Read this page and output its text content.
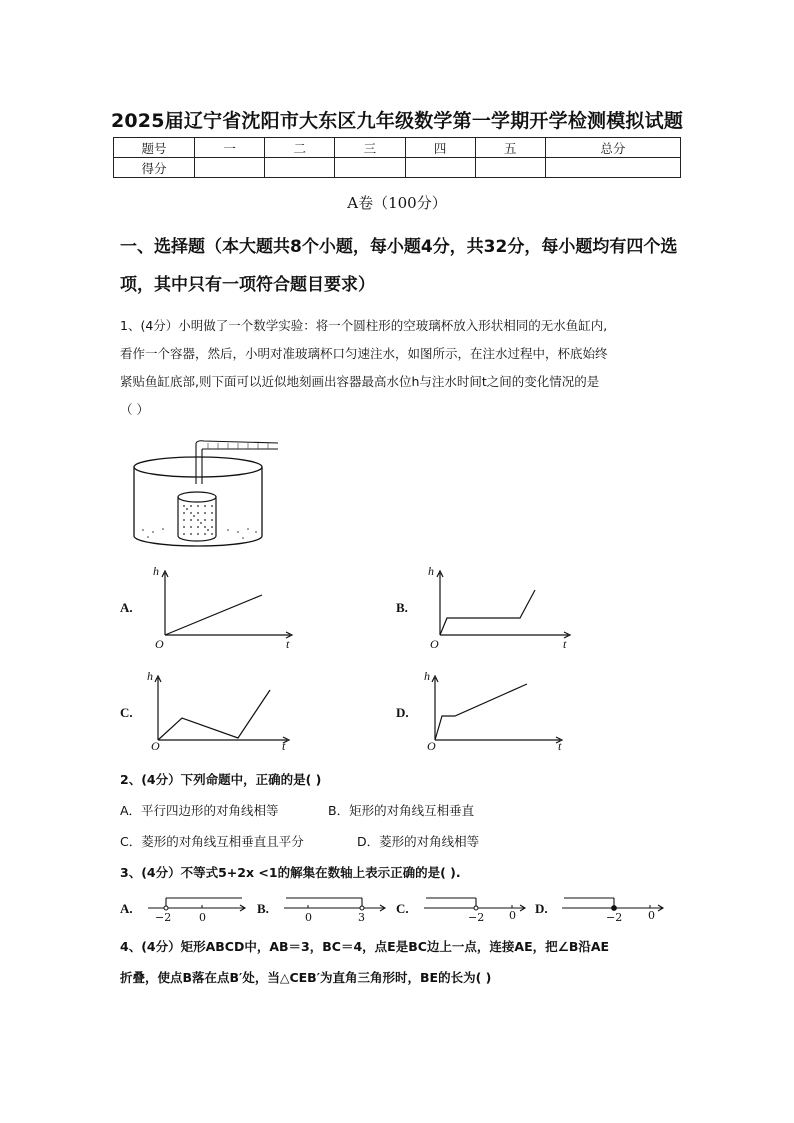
2025届辽宁省沈阳市大东区九年级数学第一学期开学检测模拟试题
题号	一	二	三	四	五	总分
得分						
A卷（100分）
一、选择题（本大题共8个小题，每小题4分，共32分，每小题均有四个选项，其中只有一项符合题目要求）
1、(4分）小明做了一个数学实验：将一个圆柱形的空玻璃杯放入形状相同的无水鱼缸内,
看作一个容器，然后，小明对准玻璃杯口匀速注水，如图所示，在注水过程中，杯底始终
紧贴鱼缸底部,则下面可以近似地刻画出容器最高水位h与注水时间t之间的变化情况的是
（ ）
A.
h
O	t
B.
h
O	t
C.
h
O	t
D.
h
O	t
2、(4分）下列命题中，正确的是( )
A．平行四边形的对角线相等	B．矩形的对角线互相垂直
C．菱形的对角线互相垂直且平分	D．菱形的对角线相等
3、(4分）不等式5+2x <1的解集在数轴上表示正确的是( ).
A.
−2	0
B.
0	3
C.
−2 0 D.
−2 0
4、(4分）矩形ABCD中，AB＝3，BC＝4，点E是BC边上一点，连接AE，把∠B沿AE
折叠，使点B落在点B′处，当△CEB′为直角三角形时，BE的长为( )
